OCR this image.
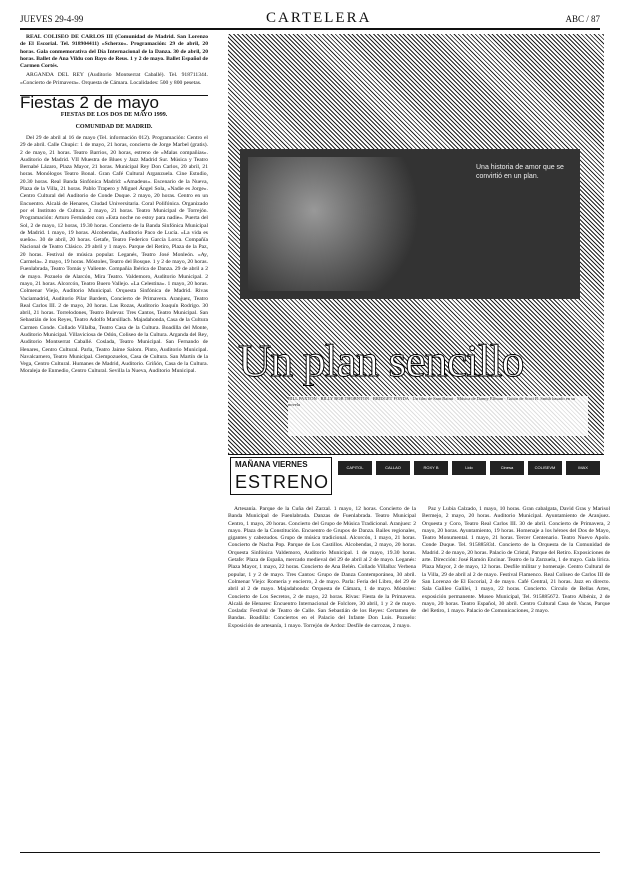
JUEVES 29-4-99	CARTELERA	ABC / 87

REAL COLISEO DE CARLOS III (Comunidad de Madrid. San Lorenzo de El Escorial. Tel. 918904411) «Scherzo». Programación: 29 de abril, 20 horas. Gala conmemorativa del Día Internacional de la Danza. 30 de abril, 20 horas. Ballet de Ana Vildu con Bayo de Reus. 1 y 2 de mayo. Ballet Español de Carmen Cortés.

ARGANDA DEL REY (Auditorio Montserrat Caballé). Tel. 918711344. «Concierto de Primavera». Orquesta de Cámara. Localidades: 500 y 800 pesetas.

Fiestas 2 de mayo
FIESTAS DE LOS DOS DE MAYO 1999.
COMUNIDAD DE MADRID.

Del 29 de abril al 16 de mayo (Tel. información 012). Programación: Centro el 29 de abril. Calle Chupic: 1 de mayo, 21 horas, concierto de Jorge Marbel (gratis). 2 de mayo, 21 horas. Teatro Barrios, 20 horas, estreno de «Malas compañías». Auditorio de Madrid. VII Muestra de Blues y Jazz Madrid Sur. Música y Teatro Bernabé Lázaro, Plaza Mayor, 21 horas. Municipal Rey Don Carlos, 20 abril, 21 horas. Monólogos Teatro Bonal. Gran Café Cultural Arganzuela. Cine Estudio, 20.30 horas. Real Banda Sinfónica Madrid: «Amadeus». Escenario de la Nueva, Plaza de la Villa, 21 horas. Pablo Trapero y Miguel Ángel Sola, «Nadie es Jorge». Centro Cultural del Auditorio de Conde Duque. 2 mayo, 20 horas. Centro en un Encuentro. Alcalá de Henares, Ciudad Universitaria. Coral Polifónica. Organizado por el Instituto de Cultura. 2 mayo, 21 horas. Teatro Municipal de Torrejón. Programación: Arturo Fernández con «Esta noche no estoy para nadie». Puerta del Sol, 2 de mayo, 12 horas, 19.30 horas. Concierto de la Banda Sinfónica Municipal de Madrid. 1 mayo, 19 horas. Alcobendas, Auditorio Paco de Lucía. «La vida es sueño». 30 de abril, 20 horas. Getafe, Teatro Federico García Lorca. Compañía Nacional de Teatro Clásico. 29 abril y 1 mayo. Parque del Retiro, Plaza de la Paz, 20 horas. Festival de música popular. Leganés, Teatro José Monleón. «Ay, Carmela». 2 mayo, 19 horas. Móstoles, Teatro del Bosque. 1 y 2 de mayo, 20 horas. Fuenlabrada, Teatro Tomás y Valiente. Compañía Ibérica de Danza. 29 de abril a 2 de mayo. Pozuelo de Alarcón, Mira Teatro. Valdemoro, Auditorio Municipal. 2 mayo, 21 horas. Alcorcón, Teatro Buero Vallejo. «La Celestina». 1 mayo, 20 horas. Colmenar Viejo, Auditorio Municipal. Orquesta Sinfónica de Madrid. Rivas Vaciamadrid, Auditorio Pilar Bardem, Concierto de Primavera. Aranjuez, Teatro Real Carlos III. 2 de mayo, 20 horas. Las Rozas, Auditorio Joaquín Rodrigo. 30 abril, 21 horas. Torrelodones, Teatro Bulevar. Tres Cantos, Teatro Municipal. San Sebastián de los Reyes, Teatro Adolfo Marsillach. Majadahonda, Casa de la Cultura Carmen Conde. Collado Villalba, Teatro Casa de la Cultura. Boadilla del Monte, Auditorio Municipal. Villaviciosa de Odón, Coliseo de la Cultura. Arganda del Rey, Auditorio Montserrat Caballé. Coslada, Teatro Municipal. San Fernando de Henares, Centro Cultural. Parla, Teatro Jaime Salom. Pinto, Auditorio Municipal. Navalcarnero, Teatro Municipal. Ciempozuelos, Casa de Cultura. San Martín de la Vega, Centro Cultural. Humanes de Madrid, Auditorio. Griñón, Casa de la Cultura. Moraleja de Enmedio, Centro Cultural. Sevilla la Nueva, Auditorio Municipal.

Una historia de amor que se convirtió en un plan.
Un plan sencillo
BILL PAXTON · BILLY BOB THORNTON · BRIDGET FONDA · Un film de Sam Raimi · Música de Danny Elfman · Guión de Scott B. Smith basado en su novela
MAÑANA VIERNES
ESTRENO
CAPITOL	CALLAO	ROXY B	Lido	Cinesa	COLISEVM	IMAX

Artesanía. Parque de la Cuña del Zarzal. 1 mayo, 12 horas. Concierto de la Banda Municipal de Fuenlabrada. Danzas de Fuenlabrada. Teatro Municipal Centro, 1 mayo, 20 horas. Concierto del Grupo de Música Tradicional. Aranjuez: 2 mayo. Plaza de la Constitución. Encuentro de Grupos de Danza. Bailes regionales, gigantes y cabezudos. Grupo de música tradicional. Alcorcón, 1 mayo, 21 horas. Concierto de Nacha Pop. Parque de Los Castillos. Alcobendas, 2 mayo, 20 horas. Orquesta Sinfónica Valdemoro, Auditorio Municipal. 1 de mayo, 19.30 horas. Getafe: Plaza de España, mercado medieval del 29 de abril al 2 de mayo. Leganés: Plaza Mayor, 1 mayo, 22 horas. Concierto de Ana Belén. Collado Villalba: Verbena popular, 1 y 2 de mayo. Tres Cantos: Grupo de Danza Contemporánea, 30 abril. Colmenar Viejo: Romería y encierro, 2 de mayo. Parla: Feria del Libro, del 29 de abril al 2 de mayo. Majadahonda: Orquesta de Cámara, 1 de mayo. Móstoles: Concierto de Los Secretos, 2 de mayo, 22 horas. Rivas: Fiesta de la Primavera. Alcalá de Henares: Encuentro Internacional de Folclore, 30 abril, 1 y 2 de mayo. Coslada: Festival de Teatro de Calle. San Sebastián de los Reyes: Certamen de Bandas. Boadilla: Conciertos en el Palacio del Infante Don Luis. Pozuelo: Exposición de artesanía, 1 mayo. Torrejón de Ardoz: Desfile de carrozas, 2 mayo.

Paz y Lubia Calzado, 1 mayo, 10 horas. Gran cabalgata, David Gras y Marisol Bermejo, 2 mayo, 20 horas. Auditorio Municipal. Ayuntamiento de Aranjuez. Orquesta y Coro, Teatro Real Carlos III. 30 de abril. Concierto de Primavera, 2 mayo, 20 horas. Ayuntamiento, 19 horas. Homenaje a los héroes del Dos de Mayo, Teatro Monumental. 1 mayo, 21 horas. Tercer Centenario. Teatro Nuevo Apolo. Conde Duque. Tel. 915885834. Concierto de la Orquesta de la Comunidad de Madrid. 2 de mayo, 20 horas. Palacio de Cristal, Parque del Retiro. Exposiciones de arte. Dirección: José Ramón Encinar. Teatro de la Zarzuela, 1 de mayo. Gala lírica. Plaza Mayor, 2 de mayo, 12 horas. Desfile militar y homenaje. Centro Cultural de la Villa, 29 de abril al 2 de mayo. Festival Flamenco. Real Coliseo de Carlos III de San Lorenzo de El Escorial, 2 de mayo. Café Central, 21 horas. Jazz en directo. Sala Galileo Galilei, 1 mayo, 22 horas. Concierto. Círculo de Bellas Artes, exposición permanente. Museo Municipal, Tel. 915885672. Teatro Albéniz, 2 de mayo, 20 horas. Teatro Español, 30 abril. Centro Cultural Casa de Vacas, Parque del Retiro, 1 mayo. Palacio de Comunicaciones, 2 mayo.
